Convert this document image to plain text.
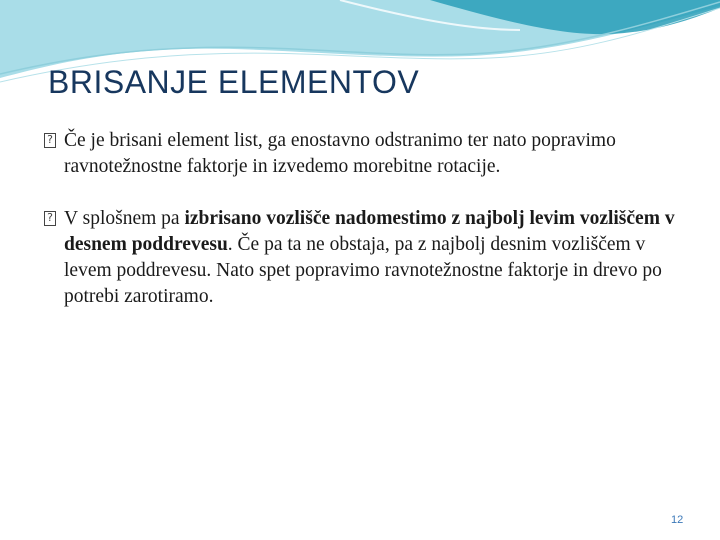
BRISANJE ELEMENTOV
? Če je brisani element list, ga enostavno odstranimo ter nato popravimo ravnotežnostne faktorje in izvedemo morebitne rotacije.
? V splošnem pa izbrisano vozlišče nadomestimo z najbolj levim vozliščem v desnem poddrevesu. Če pa ta ne obstaja, pa z najbolj desnim vozliščem v levem poddrevesu. Nato spet popravimo ravnotežnostne faktorje in drevo po potrebi zarotiramo.
12
